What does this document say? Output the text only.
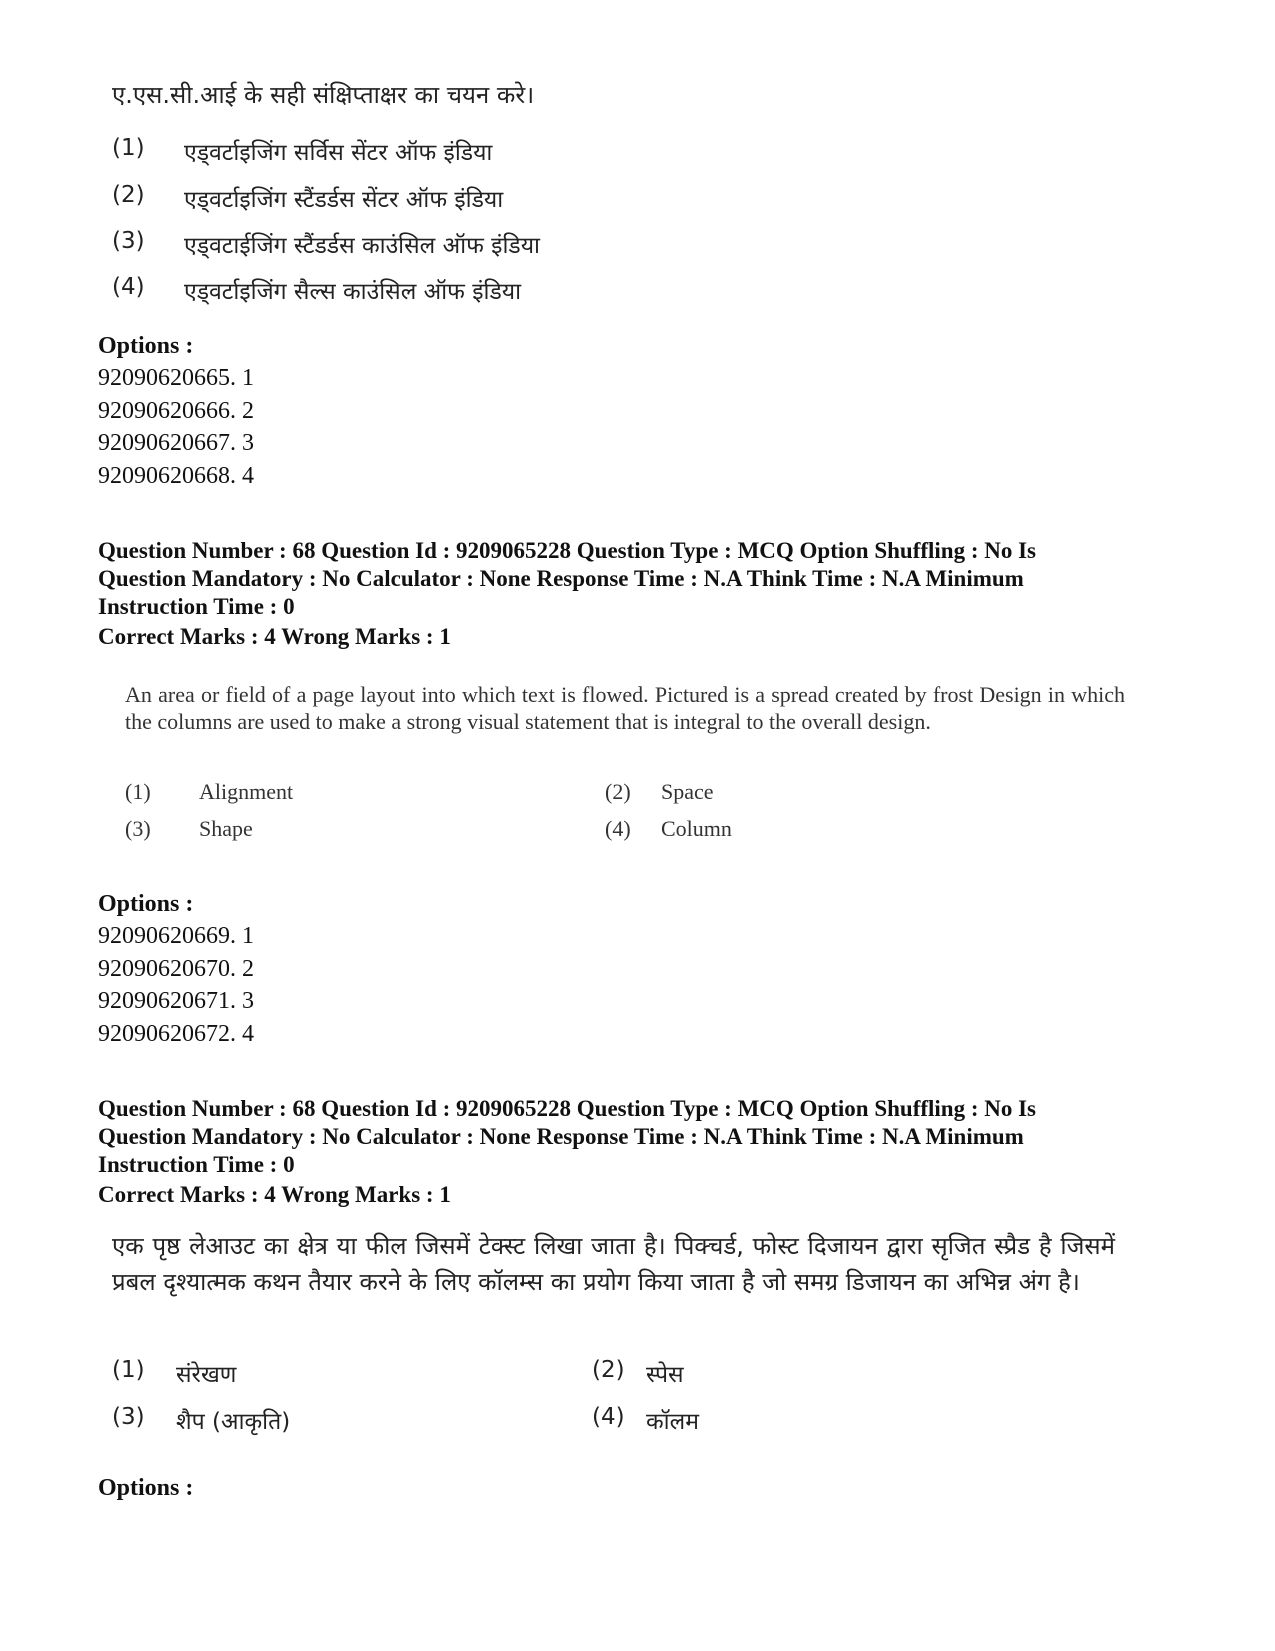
ए.एस.सी.आई के सही संक्षिप्ताक्षर का चयन करे।
(1)	एड्वर्टाइजिंग सर्विस सेंटर ऑफ इंडिया
(2)	एड्वर्टाइजिंग स्टैंडर्डस सेंटर ऑफ इंडिया
(3)	एड्वटाईजिंग स्टैंडर्डस काउंसिल ऑफ इंडिया
(4)	एड्वर्टाइजिंग सैल्स काउंसिल ऑफ इंडिया
Options :
92090620665. 1
92090620666. 2
92090620667. 3
92090620668. 4
Question Number : 68 Question Id : 9209065228 Question Type : MCQ Option Shuffling : No Is
Question Mandatory : No Calculator : None Response Time : N.A Think Time : N.A Minimum
Instruction Time : 0
Correct Marks : 4 Wrong Marks : 1
An area or field of a page layout into which text is flowed. Pictured is a spread created by frost Design in which the columns are used to make a strong visual statement that is integral to the overall design.
(1)	Alignment	(2)	Space
(3)	Shape	(4)	Column
Options :
92090620669. 1
92090620670. 2
92090620671. 3
92090620672. 4
Question Number : 68 Question Id : 9209065228 Question Type : MCQ Option Shuffling : No Is
Question Mandatory : No Calculator : None Response Time : N.A Think Time : N.A Minimum
Instruction Time : 0
Correct Marks : 4 Wrong Marks : 1
एक पृष्ठ लेआउट का क्षेत्र या फील जिसमें टेक्स्ट लिखा जाता है। पिक्चर्ड, फोस्ट दिजायन द्वारा सृजित स्प्रैड है जिसमें प्रबल दृश्यात्मक कथन तैयार करने के लिए कॉलम्स का प्रयोग किया जाता है जो समग्र डिजायन का अभिन्न अंग है।
(1)	संरेखण	(2) स्पेस
(3)	शैप (आकृति)	(4) कॉलम
Options :
